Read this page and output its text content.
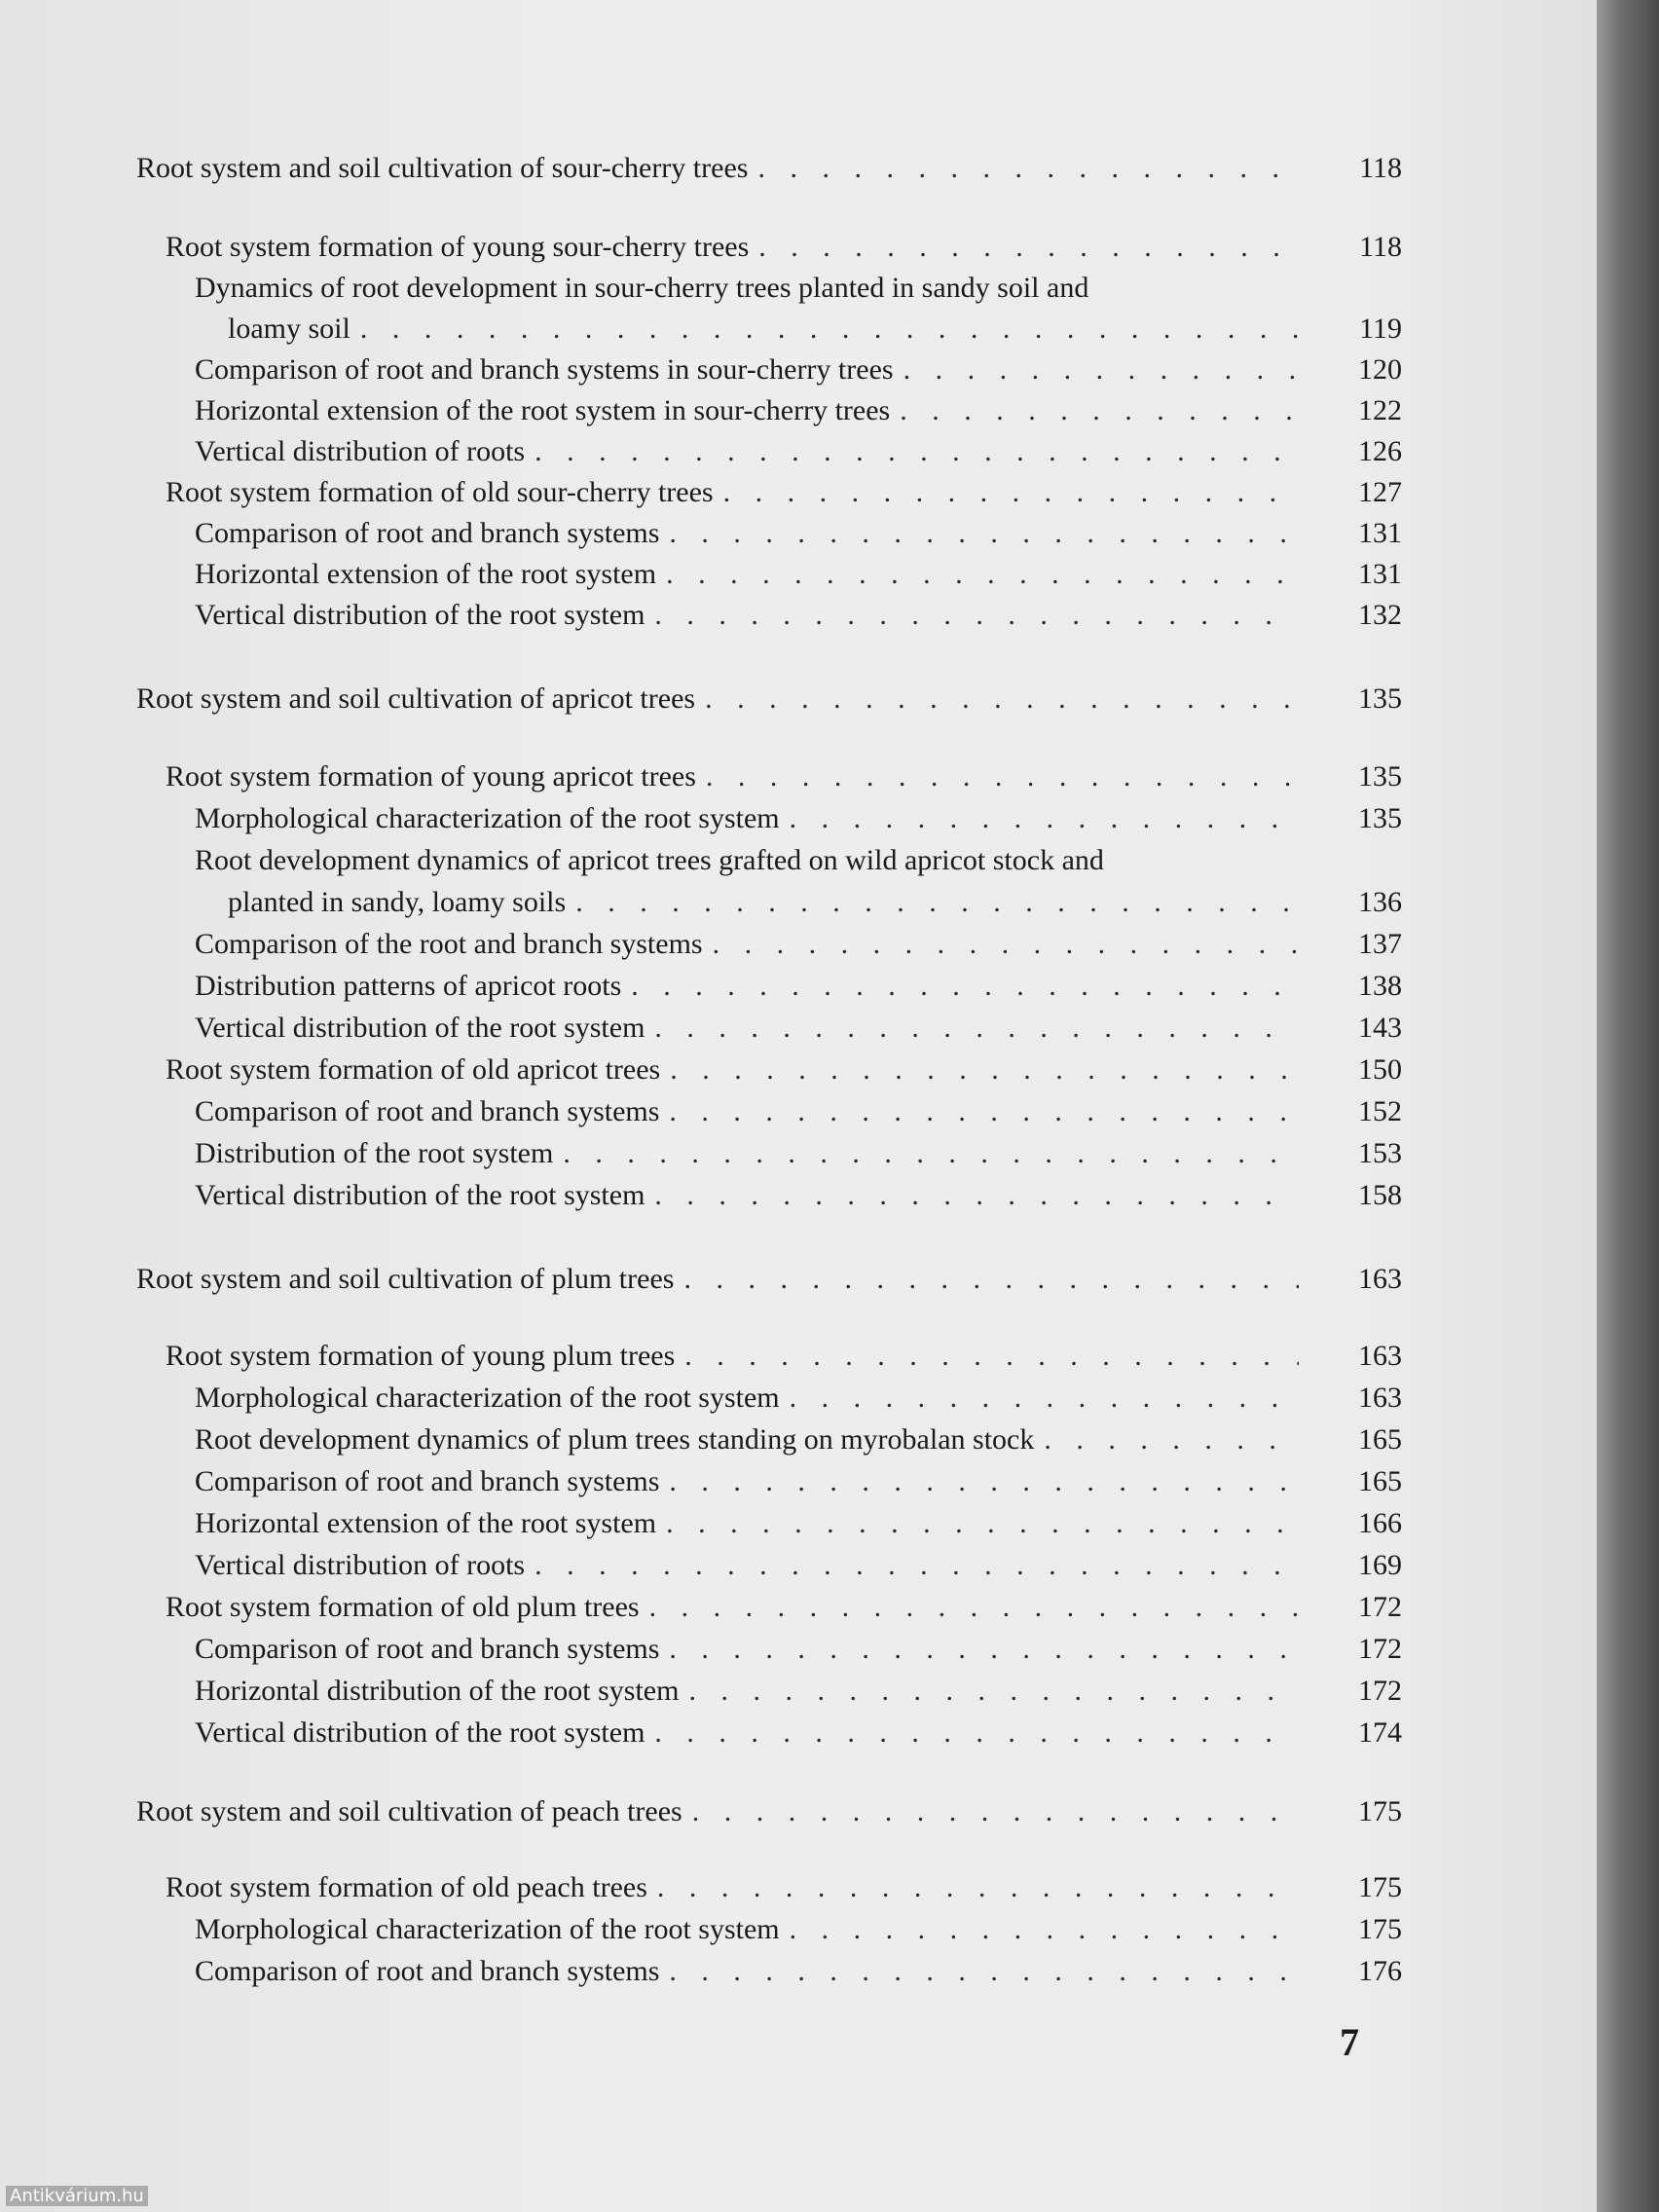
Root system and soil cultivation of sour-cherry trees . . .	118
Root system formation of young sour-cherry trees . . .	118
Dynamics of root development in sour-cherry trees planted in sandy soil and
loamy soil . . .	119
Comparison of root and branch systems in sour-cherry trees . . .	120
Horizontal extension of the root system in sour-cherry trees . . .	122
Vertical distribution of roots . . .	126
Root system formation of old sour-cherry trees . . .	127
Comparison of root and branch systems . . .	131
Horizontal extension of the root system . . .	131
Vertical distribution of the root system . . .	132
Root system and soil cultivation of apricot trees . . .	135
Root system formation of young apricot trees . . .	135
Morphological characterization of the root system . . .	135
Root development dynamics of apricot trees grafted on wild apricot stock and
planted in sandy, loamy soils . . .	136
Comparison of the root and branch systems . . .	137
Distribution patterns of apricot roots . . .	138
Vertical distribution of the root system . . .	143
Root system formation of old apricot trees . . .	150
Comparison of root and branch systems . . .	152
Distribution of the root system . . .	153
Vertical distribution of the root system . . .	158
Root system and soil cultivation of plum trees . . .	163
Root system formation of young plum trees . . .	163
Morphological characterization of the root system . . .	163
Root development dynamics of plum trees standing on myrobalan stock . . .	165
Comparison of root and branch systems . . .	165
Horizontal extension of the root system . . .	166
Vertical distribution of roots . . .	169
Root system formation of old plum trees . . .	172
Comparison of root and branch systems . . .	172
Horizontal distribution of the root system . . .	172
Vertical distribution of the root system . . .	174
Root system and soil cultivation of peach trees . . .	175
Root system formation of old peach trees . . .	175
Morphological characterization of the root system . . .	175
Comparison of root and branch systems . . .	176
7
Antikvárium.hu
